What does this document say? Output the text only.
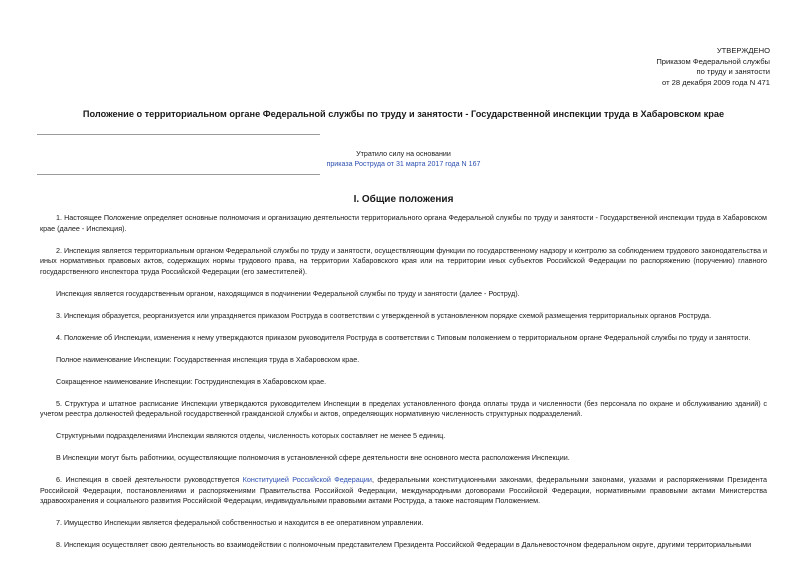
УТВЕРЖДЕНО
Приказом Федеральной службы
по труду и занятости
от 28 декабря 2009 года N 471
Положение о территориальном органе Федеральной службы по труду и занятости - Государственной инспекции труда в Хабаровском крае
Утратило силу на основании
приказа Роструда от 31 марта 2017 года N 167
I. Общие положения

1. Настоящее Положение определяет основные полномочия и организацию деятельности территориального органа Федеральной службы по труду и занятости - Государственной инспекции труда в Хабаровском крае (далее - Инспекция).

2. Инспекция является территориальным органом Федеральной службы по труду и занятости, осуществляющим функции по государственному надзору и контролю за соблюдением трудового законодательства и иных нормативных правовых актов, содержащих нормы трудового права, на территории Хабаровского края или на территории иных субъектов Российской Федерации по распоряжению (поручению) главного государственного инспектора труда Российской Федерации (его заместителей).

Инспекция является государственным органом, находящимся в подчинении Федеральной службы по труду и занятости (далее - Роструд).

3. Инспекция образуется, реорганизуется или упраздняется приказом Роструда в соответствии с утвержденной в установленном порядке схемой размещения территориальных органов Роструда.

4. Положение об Инспекции, изменения к нему утверждаются приказом руководителя Роструда в соответствии с Типовым положением о территориальном органе Федеральной службы по труду и занятости.

Полное наименование Инспекции: Государственная инспекция труда в Хабаровском крае.

Сокращенное наименование Инспекции: Гострудинспекция в Хабаровском крае.

5. Структура и штатное расписание Инспекции утверждаются руководителем Инспекции в пределах установленного фонда оплаты труда и численности (без персонала по охране и обслуживанию зданий) с учетом реестра должностей федеральной государственной гражданской службы и актов, определяющих нормативную численность структурных подразделений.

Структурными подразделениями Инспекции являются отделы, численность которых составляет не менее 5 единиц.

В Инспекции могут быть работники, осуществляющие полномочия в установленной сфере деятельности вне основного места расположения Инспекции.

6. Инспекция в своей деятельности руководствуется Конституцией Российской Федерации, федеральными конституционными законами, федеральными законами, указами и распоряжениями Президента Российской Федерации, постановлениями и распоряжениями Правительства Российской Федерации, международными договорами Российской Федерации, нормативными правовыми актами Министерства здравоохранения и социального развития Российской Федерации, индивидуальными правовыми актами Роструда, а также настоящим Положением.

7. Имущество Инспекции является федеральной собственностью и находится в ее оперативном управлении.

8. Инспекция осуществляет свою деятельность во взаимодействии с полномочным представителем Президента Российской Федерации в Дальневосточном федеральном округе, другими территориальными
